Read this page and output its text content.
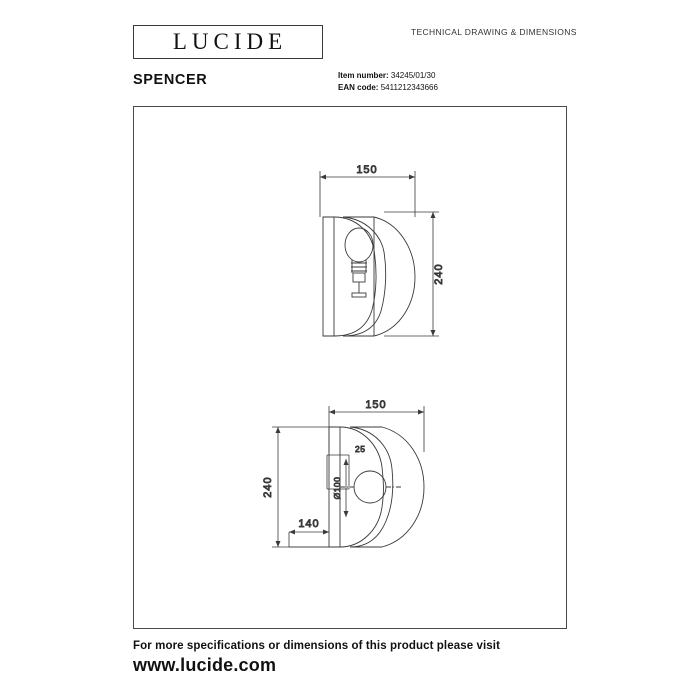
LUCIDE	TECHNICAL DRAWING & DIMENSIONS
SPENCER	Item number: 34245/01/30
EAN code: 5411212343666
150
240
150
240
140
25
Ø100
For more specifications or dimensions of this product please visit
www.lucide.com
